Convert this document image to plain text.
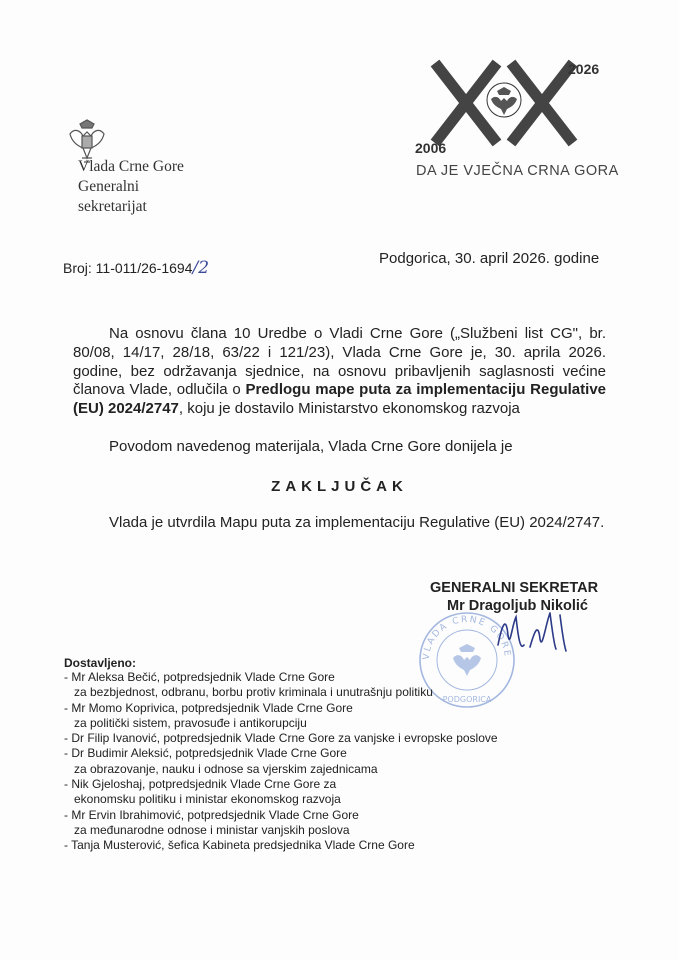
Vlada Crne Gore
Generalni
sekretarijat
2026
2006
DA JE VJEČNA CRNA GORA
Broj: 11-011/26-1694/2	Podgorica, 30. april 2026. godine
Na osnovu člana 10 Uredbe o Vladi Crne Gore („Službeni list CG", br. 80/08, 14/17, 28/18, 63/22 i 121/23), Vlada Crne Gore je, 30. aprila 2026. godine, bez održavanja sjednice, na osnovu pribavljenih saglasnosti većine članova Vlade, odlučila o Predlogu mape puta za implementaciju Regulative (EU) 2024/2747, koju je dostavilo Ministarstvo ekonomskog razvoja
Povodom navedenog materijala, Vlada Crne Gore donijela je
ZAKLJUČAK
Vlada je utvrdila Mapu puta za implementaciju Regulative (EU) 2024/2747.
GENERALNI SEKRETAR
Mr Dragoljub Nikolić
VLADA CRNE GORE
PODGORICA
Dostavljeno:
- Mr Aleksa Bečić, potpredsjednik Vlade Crne Gore
za bezbjednost, odbranu, borbu protiv kriminala i unutrašnju politiku
- Mr Momo Koprivica, potpredsjednik Vlade Crne Gore
za politički sistem, pravosuđe i antikorupciju
- Dr Filip Ivanović, potpredsjednik Vlade Crne Gore za vanjske i evropske poslove
- Dr Budimir Aleksić, potpredsjednik Vlade Crne Gore
za obrazovanje, nauku i odnose sa vjerskim zajednicama
- Nik Gjeloshaj, potpredsjednik Vlade Crne Gore za
ekonomsku politiku i ministar ekonomskog razvoja
- Mr Ervin Ibrahimović, potpredsjednik Vlade Crne Gore
za međunarodne odnose i ministar vanjskih poslova
- Tanja Musterović, šefica Kabineta predsjednika Vlade Crne Gore
